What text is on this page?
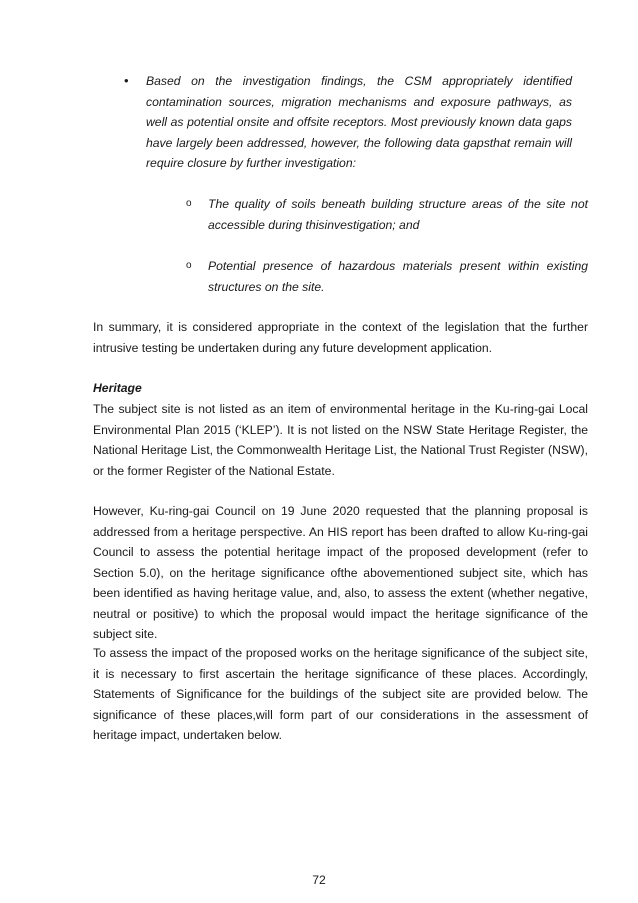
•	Based on the investigation findings, the CSM appropriately identified contamination sources, migration mechanisms and exposure pathways, as well as potential onsite and offsite receptors. Most previously known data gaps have largely been addressed, however, the following data gapsthat remain will require closure by further investigation:
o The quality of soils beneath building structure areas of the site not accessible during thisinvestigation; and
o Potential presence of hazardous materials present within existing structures on the site.
In summary, it is considered appropriate in the context of the legislation that the further intrusive testing be undertaken during any future development application.
Heritage
The subject site is not listed as an item of environmental heritage in the Ku-ring-gai Local Environmental Plan 2015 (‘KLEP’). It is not listed on the NSW State Heritage Register, the National Heritage List, the Commonwealth Heritage List, the National Trust Register (NSW), or the former Register of the National Estate.
However, Ku-ring-gai Council on 19 June 2020 requested that the planning proposal is addressed from a heritage perspective. An HIS report has been drafted to allow Ku-ring-gai Council to assess the potential heritage impact of the proposed development (refer to Section 5.0), on the heritage significance ofthe abovementioned subject site, which has been identified as having heritage value, and, also, to assess the extent (whether negative, neutral or positive) to which the proposal would impact the heritage significance of the subject site.
To assess the impact of the proposed works on the heritage significance of the subject site, it is necessary to first ascertain the heritage significance of these places. Accordingly, Statements of Significance for the buildings of the subject site are provided below. The significance of these places,will form part of our considerations in the assessment of heritage impact, undertaken below.
72
